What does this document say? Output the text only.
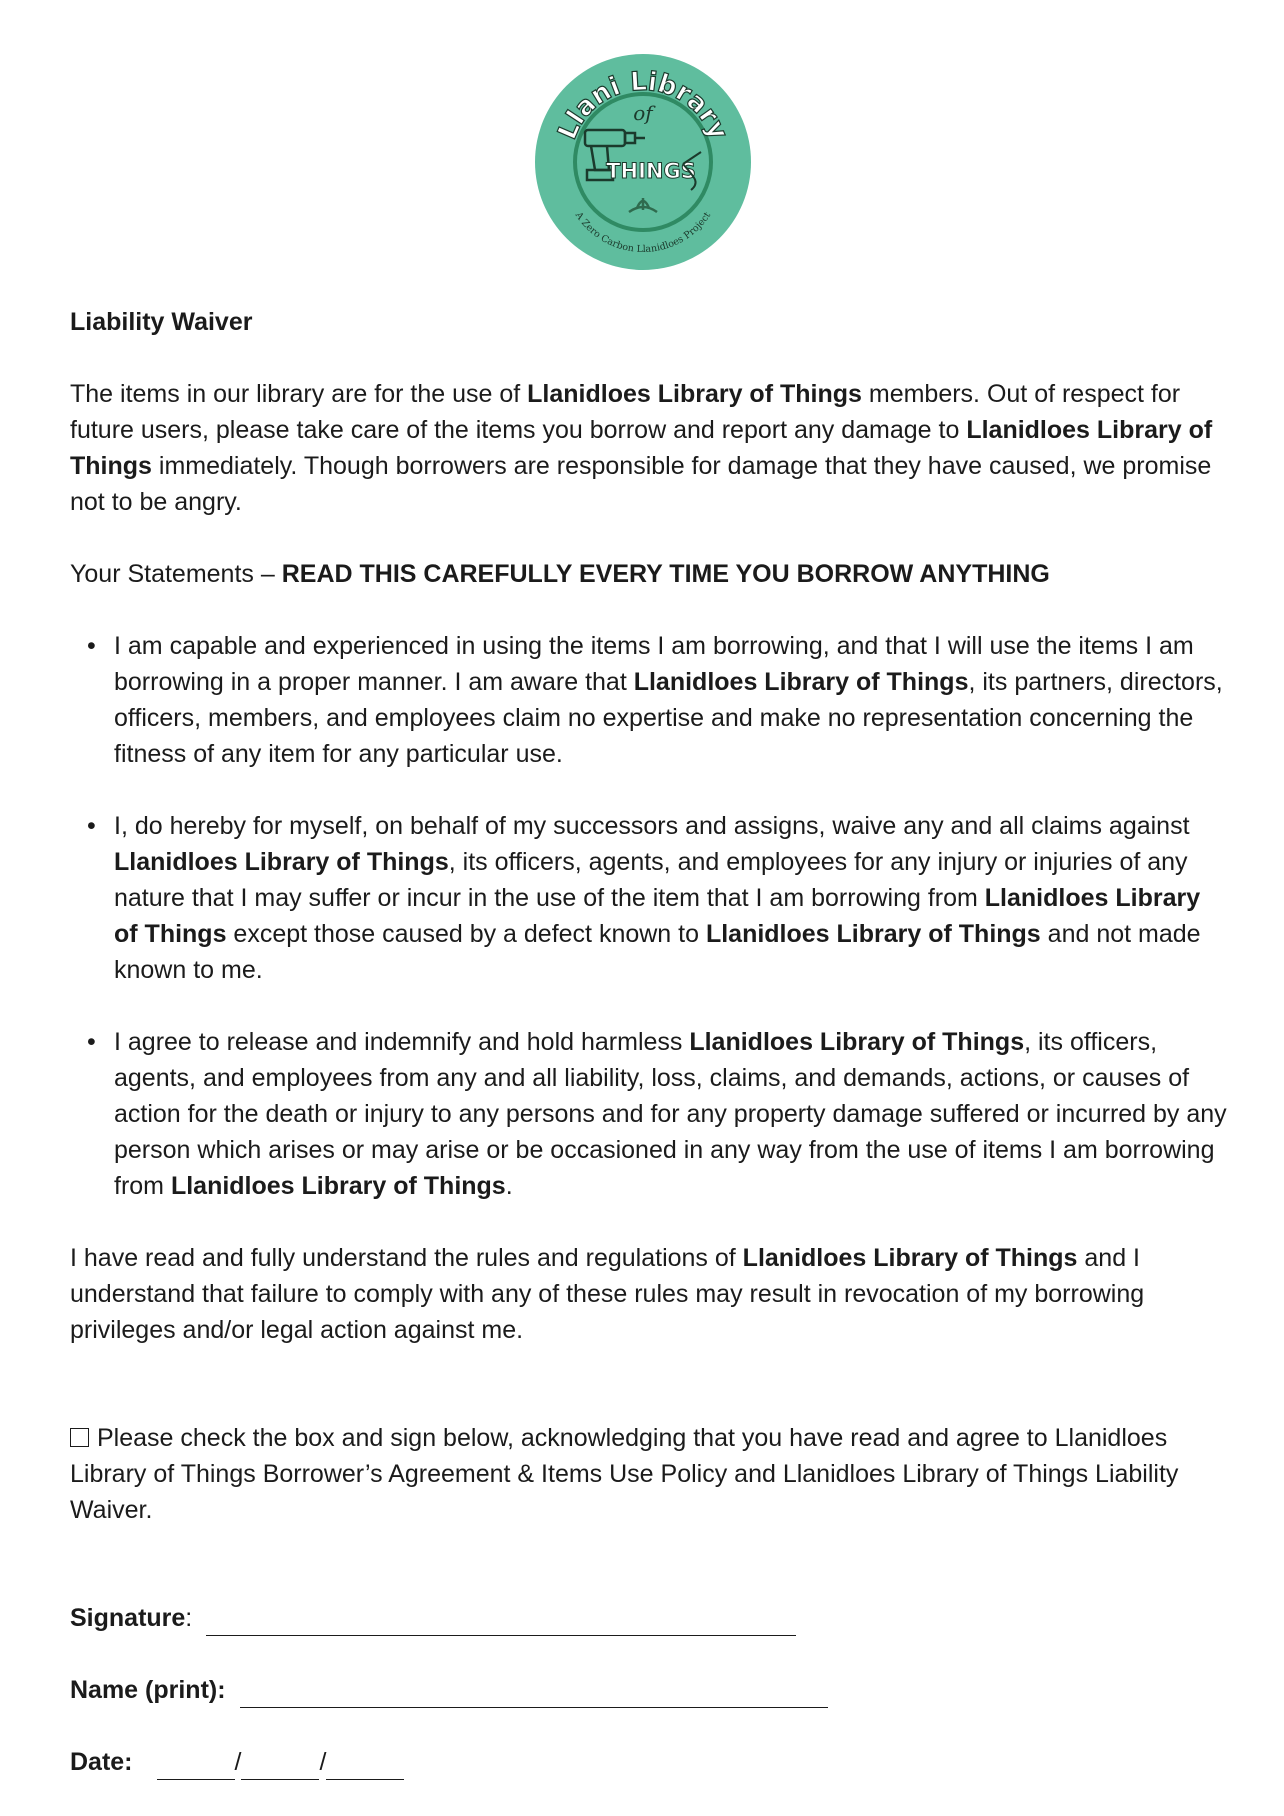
Llani Library
of
THINGS
A Zero Carbon Llanidloes Project

Liability Waiver

The items in our library are for the use of Llanidloes Library of Things members. Out of respect for future users, please take care of the items you borrow and report any damage to Llanidloes Library of Things immediately. Though borrowers are responsible for damage that they have caused, we promise not to be angry.

Your Statements – READ THIS CAREFULLY EVERY TIME YOU BORROW ANYTHING

• I am capable and experienced in using the items I am borrowing, and that I will use the items I am borrowing in a proper manner. I am aware that Llanidloes Library of Things, its partners, directors, officers, members, and employees claim no expertise and make no representation concerning the fitness of any item for any particular use.
• I, do hereby for myself, on behalf of my successors and assigns, waive any and all claims against Llanidloes Library of Things, its officers, agents, and employees for any injury or injuries of any nature that I may suffer or incur in the use of the item that I am borrowing from Llanidloes Library of Things except those caused by a defect known to Llanidloes Library of Things and not made known to me.
• I agree to release and indemnify and hold harmless Llanidloes Library of Things, its officers, agents, and employees from any and all liability, loss, claims, and demands, actions, or causes of action for the death or injury to any persons and for any property damage suffered or incurred by any person which arises or may arise or be occasioned in any way from the use of items I am borrowing from Llanidloes Library of Things.

I have read and fully understand the rules and regulations of Llanidloes Library of Things and I understand that failure to comply with any of these rules may result in revocation of my borrowing privileges and/or legal action against me.

Please check the box and sign below, acknowledging that you have read and agree to Llanidloes Library of Things Borrower’s Agreement & Items Use Policy and Llanidloes Library of Things Liability Waiver.

Signature:
Name (print):
Date:	/	/
